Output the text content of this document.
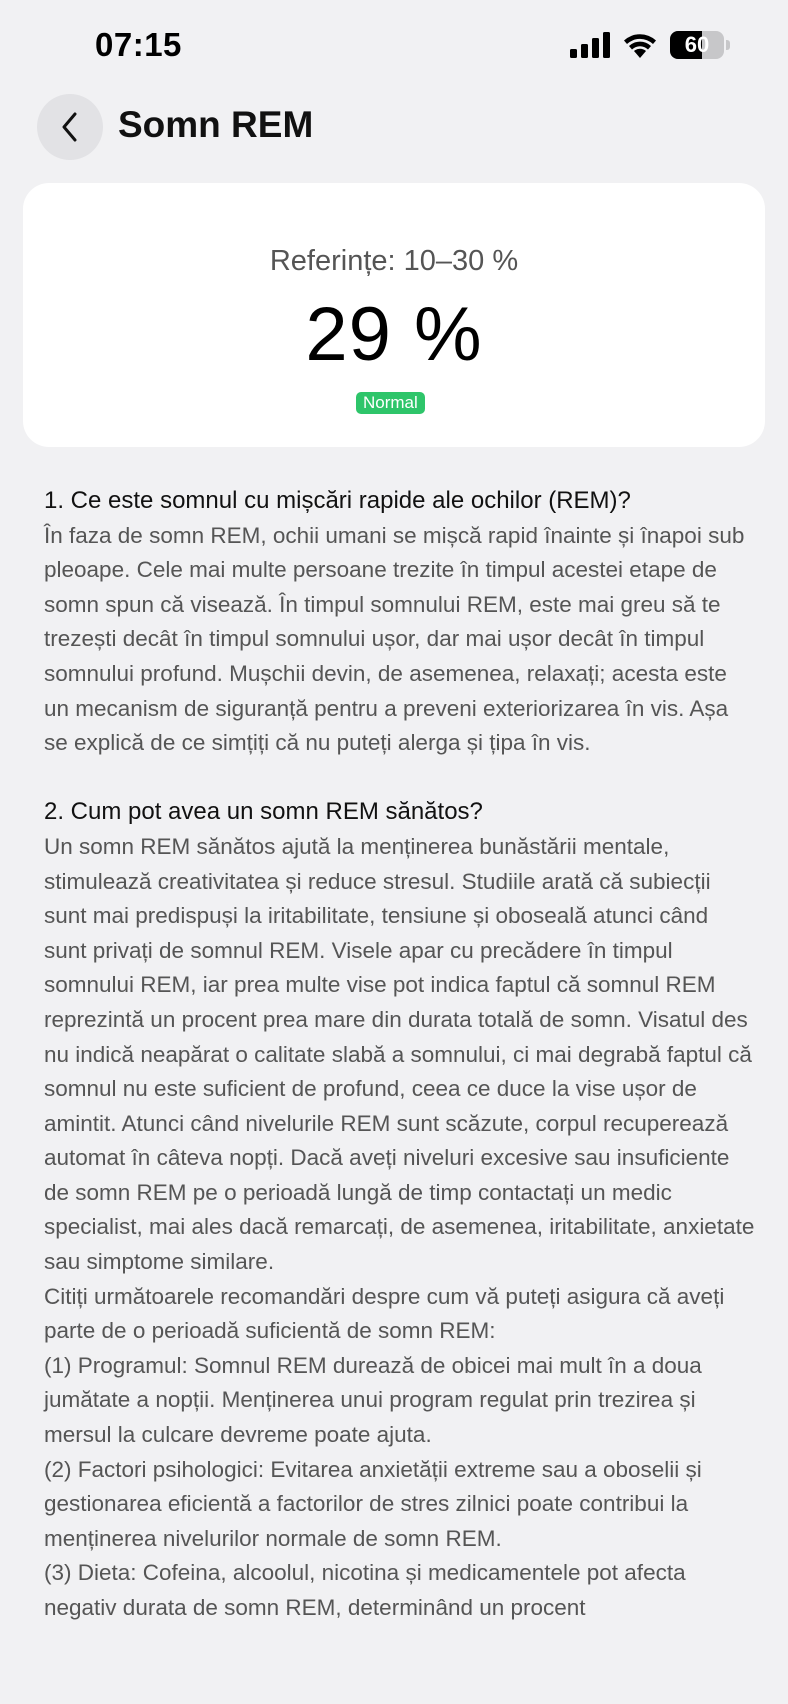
07:15	60
Somn REM
Referințe: 10–30 %
29 %
Normal

1. Ce este somnul cu mișcări rapide ale ochilor (REM)?

În faza de somn REM, ochii umani se mișcă rapid înainte și înapoi sub pleoape. Cele mai multe persoane trezite în timpul acestei etape de somn spun că visează. În timpul somnului REM, este mai greu să te trezești decât în timpul somnului ușor, dar mai ușor decât în timpul somnului profund. Mușchii devin, de asemenea, relaxați; acesta este un mecanism de siguranță pentru a preveni exteriorizarea în vis. Așa se explică de ce simțiți că nu puteți alerga și țipa în vis.

2. Cum pot avea un somn REM sănătos?

Un somn REM sănătos ajută la menținerea bunăstării mentale, stimulează creativitatea și reduce stresul. Studiile arată că subiecții sunt mai predispuși la iritabilitate, tensiune și oboseală atunci când sunt privați de somnul REM. Visele apar cu precădere în timpul somnului REM, iar prea multe vise pot indica faptul că somnul REM reprezintă un procent prea mare din durata totală de somn. Visatul des nu indică neapărat o calitate slabă a somnului, ci mai degrabă faptul că somnul nu este suficient de profund, ceea ce duce la vise ușor de amintit. Atunci când nivelurile REM sunt scăzute, corpul recuperează automat în câteva nopți. Dacă aveți niveluri excesive sau insuficiente de somn REM pe o perioadă lungă de timp contactați un medic specialist, mai ales dacă remarcați, de asemenea, iritabilitate, anxietate sau simptome similare.

Citiți următoarele recomandări despre cum vă puteți asigura că aveți parte de o perioadă suficientă de somn REM:

(1) Programul: Somnul REM durează de obicei mai mult în a doua jumătate a nopții. Menținerea unui program regulat prin trezirea și mersul la culcare devreme poate ajuta.

(2) Factori psihologici: Evitarea anxietății extreme sau a oboselii și gestionarea eficientă a factorilor de stres zilnici poate contribui la menținerea nivelurilor normale de somn REM.

(3) Dieta: Cofeina, alcoolul, nicotina și medicamentele pot afecta negativ durata de somn REM, determinând un procent
